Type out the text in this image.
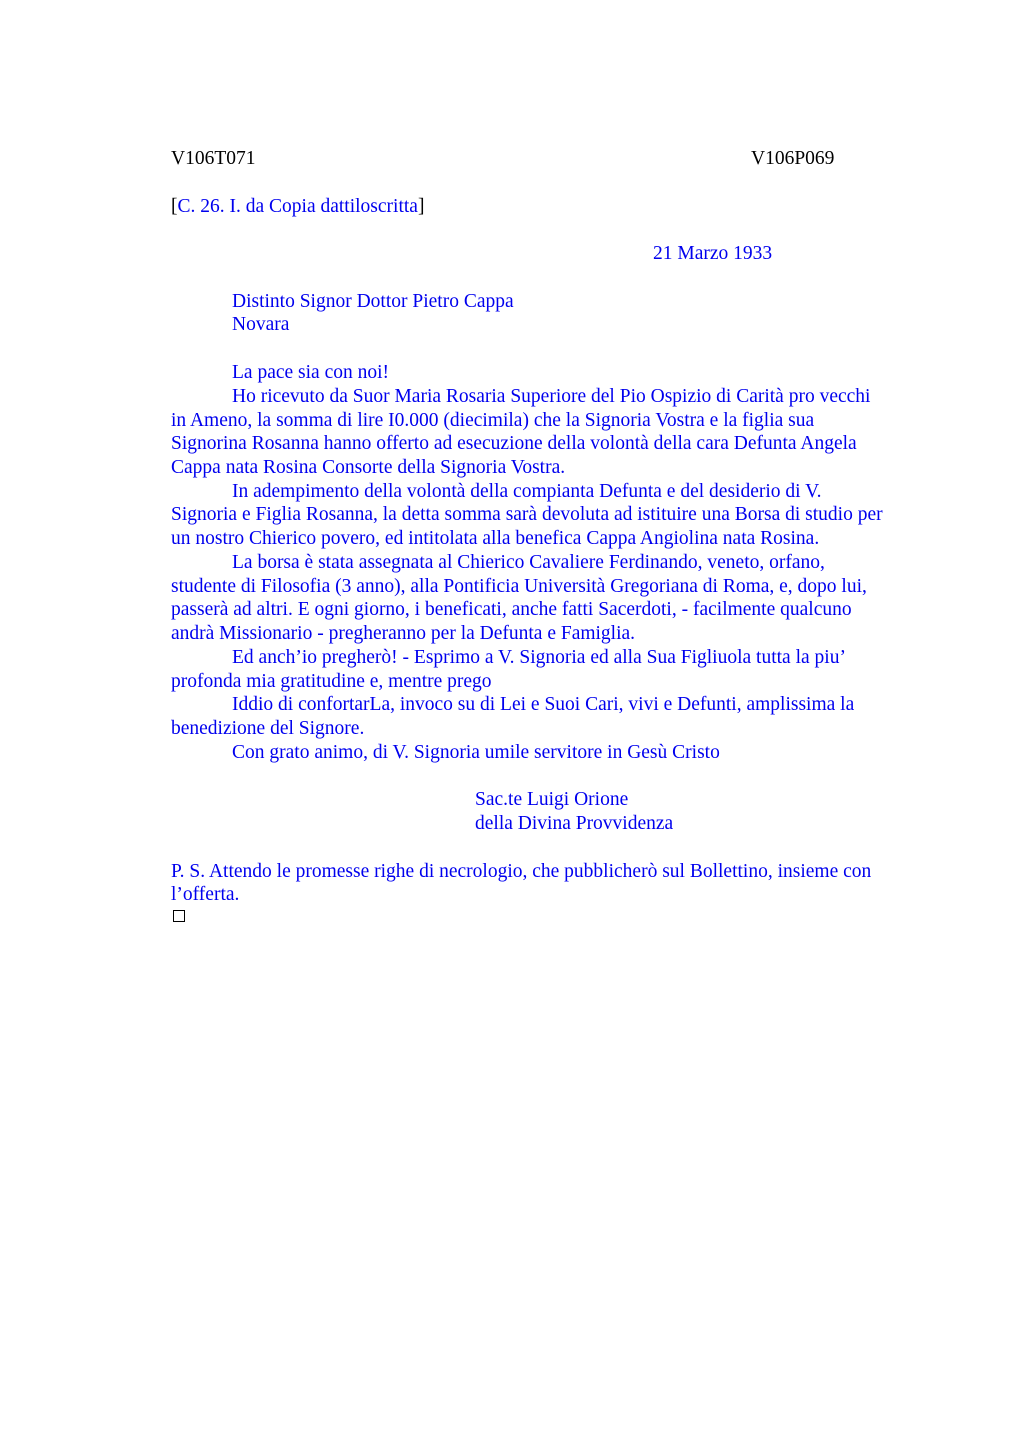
V106T071	V106P069
[C. 26. I. da Copia dattiloscritta]
21 Marzo 1933
Distinto Signor Dottor Pietro Cappa
Novara
La pace sia con noi!
Ho ricevuto da Suor Maria Rosaria Superiore del Pio Ospizio di Carità pro vecchi
in Ameno, la somma di lire I0.000 (diecimila) che la Signoria Vostra e la figlia sua
Signorina Rosanna hanno offerto ad esecuzione della volontà della cara Defunta Angela
Cappa nata Rosina Consorte della Signoria Vostra.
In adempimento della volontà della compianta Defunta e del desiderio di V.
Signoria e Figlia Rosanna, la detta somma sarà devoluta ad istituire una Borsa di studio per
un nostro Chierico povero, ed intitolata alla benefica Cappa Angiolina nata Rosina.
La borsa è stata assegnata al Chierico Cavaliere Ferdinando, veneto, orfano,
studente di Filosofia (3 anno), alla Pontificia Università Gregoriana di Roma, e, dopo lui,
passerà ad altri. E ogni giorno, i beneficati, anche fatti Sacerdoti, - facilmente qualcuno
andrà Missionario - pregheranno per la Defunta e Famiglia.
Ed anch’io pregherò! - Esprimo a V. Signoria ed alla Sua Figliuola tutta la piu’
profonda mia gratitudine e, mentre prego
Iddio di confortarLa, invoco su di Lei e Suoi Cari, vivi e Defunti, amplissima la
benedizione del Signore.
Con grato animo, di V. Signoria umile servitore in Gesù Cristo
Sac.te Luigi Orione
della Divina Provvidenza
P. S. Attendo le promesse righe di necrologio, che pubblicherò sul Bollettino, insieme con
l’offerta.
